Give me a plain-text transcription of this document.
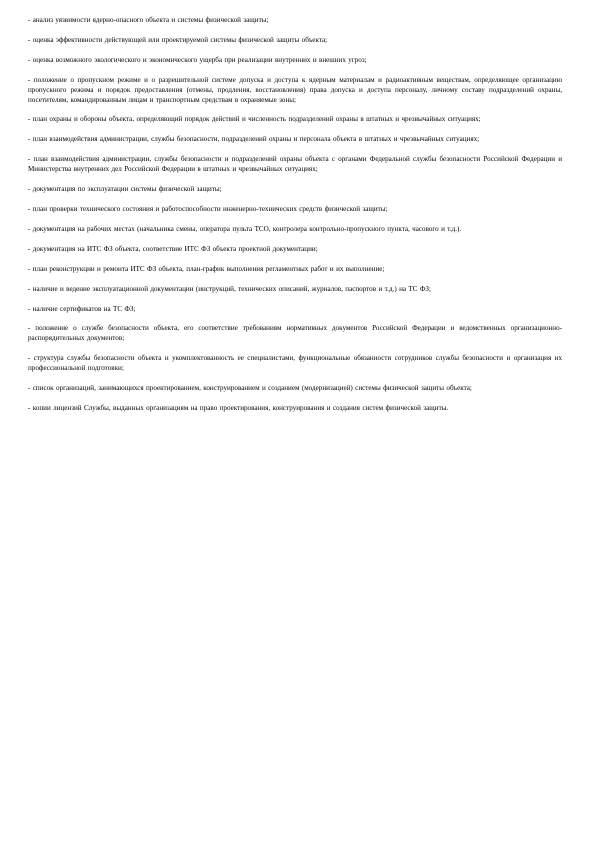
- анализ уязвимости ядерно-опасного объекта и системы физической защиты;

- оценка эффективности действующей или проектируемой системы физической защиты объекта;

- оценка возможного экологического и экономического ущерба при реализации внутренних и внешних угроз;

- положение о пропускном режиме и о разрешительной системе допуска и доступа к ядерным материалам и радиоактивным веществам, определяющее организацию пропускного режима и порядок предоставления (отмены, продления, восстановления) права допуска и доступа персоналу, личному составу подразделений охраны, посетителям, командированным лицам и транспортным средствам в охраняемые зоны;

- план охраны и обороны объекта, определяющий порядок действий и численность подразделений охраны в штатных и чрезвычайных ситуациях;

- план взаимодействия администрации, службы безопасности, подразделений охраны и персонала объекта в штатных и чрезвычайных ситуациях;

- план взаимодействия администрации, службы безопасности и подразделений охраны объекта с органами Федеральной службы безопасности Российской Федерации и Министерства внутренних дел Российской Федерации в штатных и чрезвычайных ситуациях;

- документация по эксплуатации системы физической защиты;

- план проверки технического состояния и работоспособности инженерно-технических средств физической защиты;

- документация на рабочих местах (начальника смены, оператора пульта ТСО, контролера контрольно-пропускного пункта, часового и т.д.).

- документация на ИТС ФЗ объекта, соответствие ИТС ФЗ объекта проектной документации;

- план реконструкции и ремонта ИТС ФЗ объекта, план-график выполнения регламентных работ и их выполнение;

- наличие и ведение эксплуатационной документации (инструкций, технических описаний, журналов, паспортов и т.д.) на ТС ФЗ;

- наличие сертификатов на ТС ФЗ;

- положение о службе безопасности объекта, его соответствие требованиям нормативных документов Российской Федерации и ведомственных организационно-распорядительных документов;

- структура службы безопасности объекта и укомплектованность ее специалистами, функциональные обязанности сотрудников службы безопасности и организация их профессиональной подготовки;

- список организаций, занимающихся проектированием, конструированием и созданием (модернизацией) системы физической защиты объекта;

- копии лицензий Службы, выданных организациям на право проектирования, конструирования и создания систем физической защиты.
